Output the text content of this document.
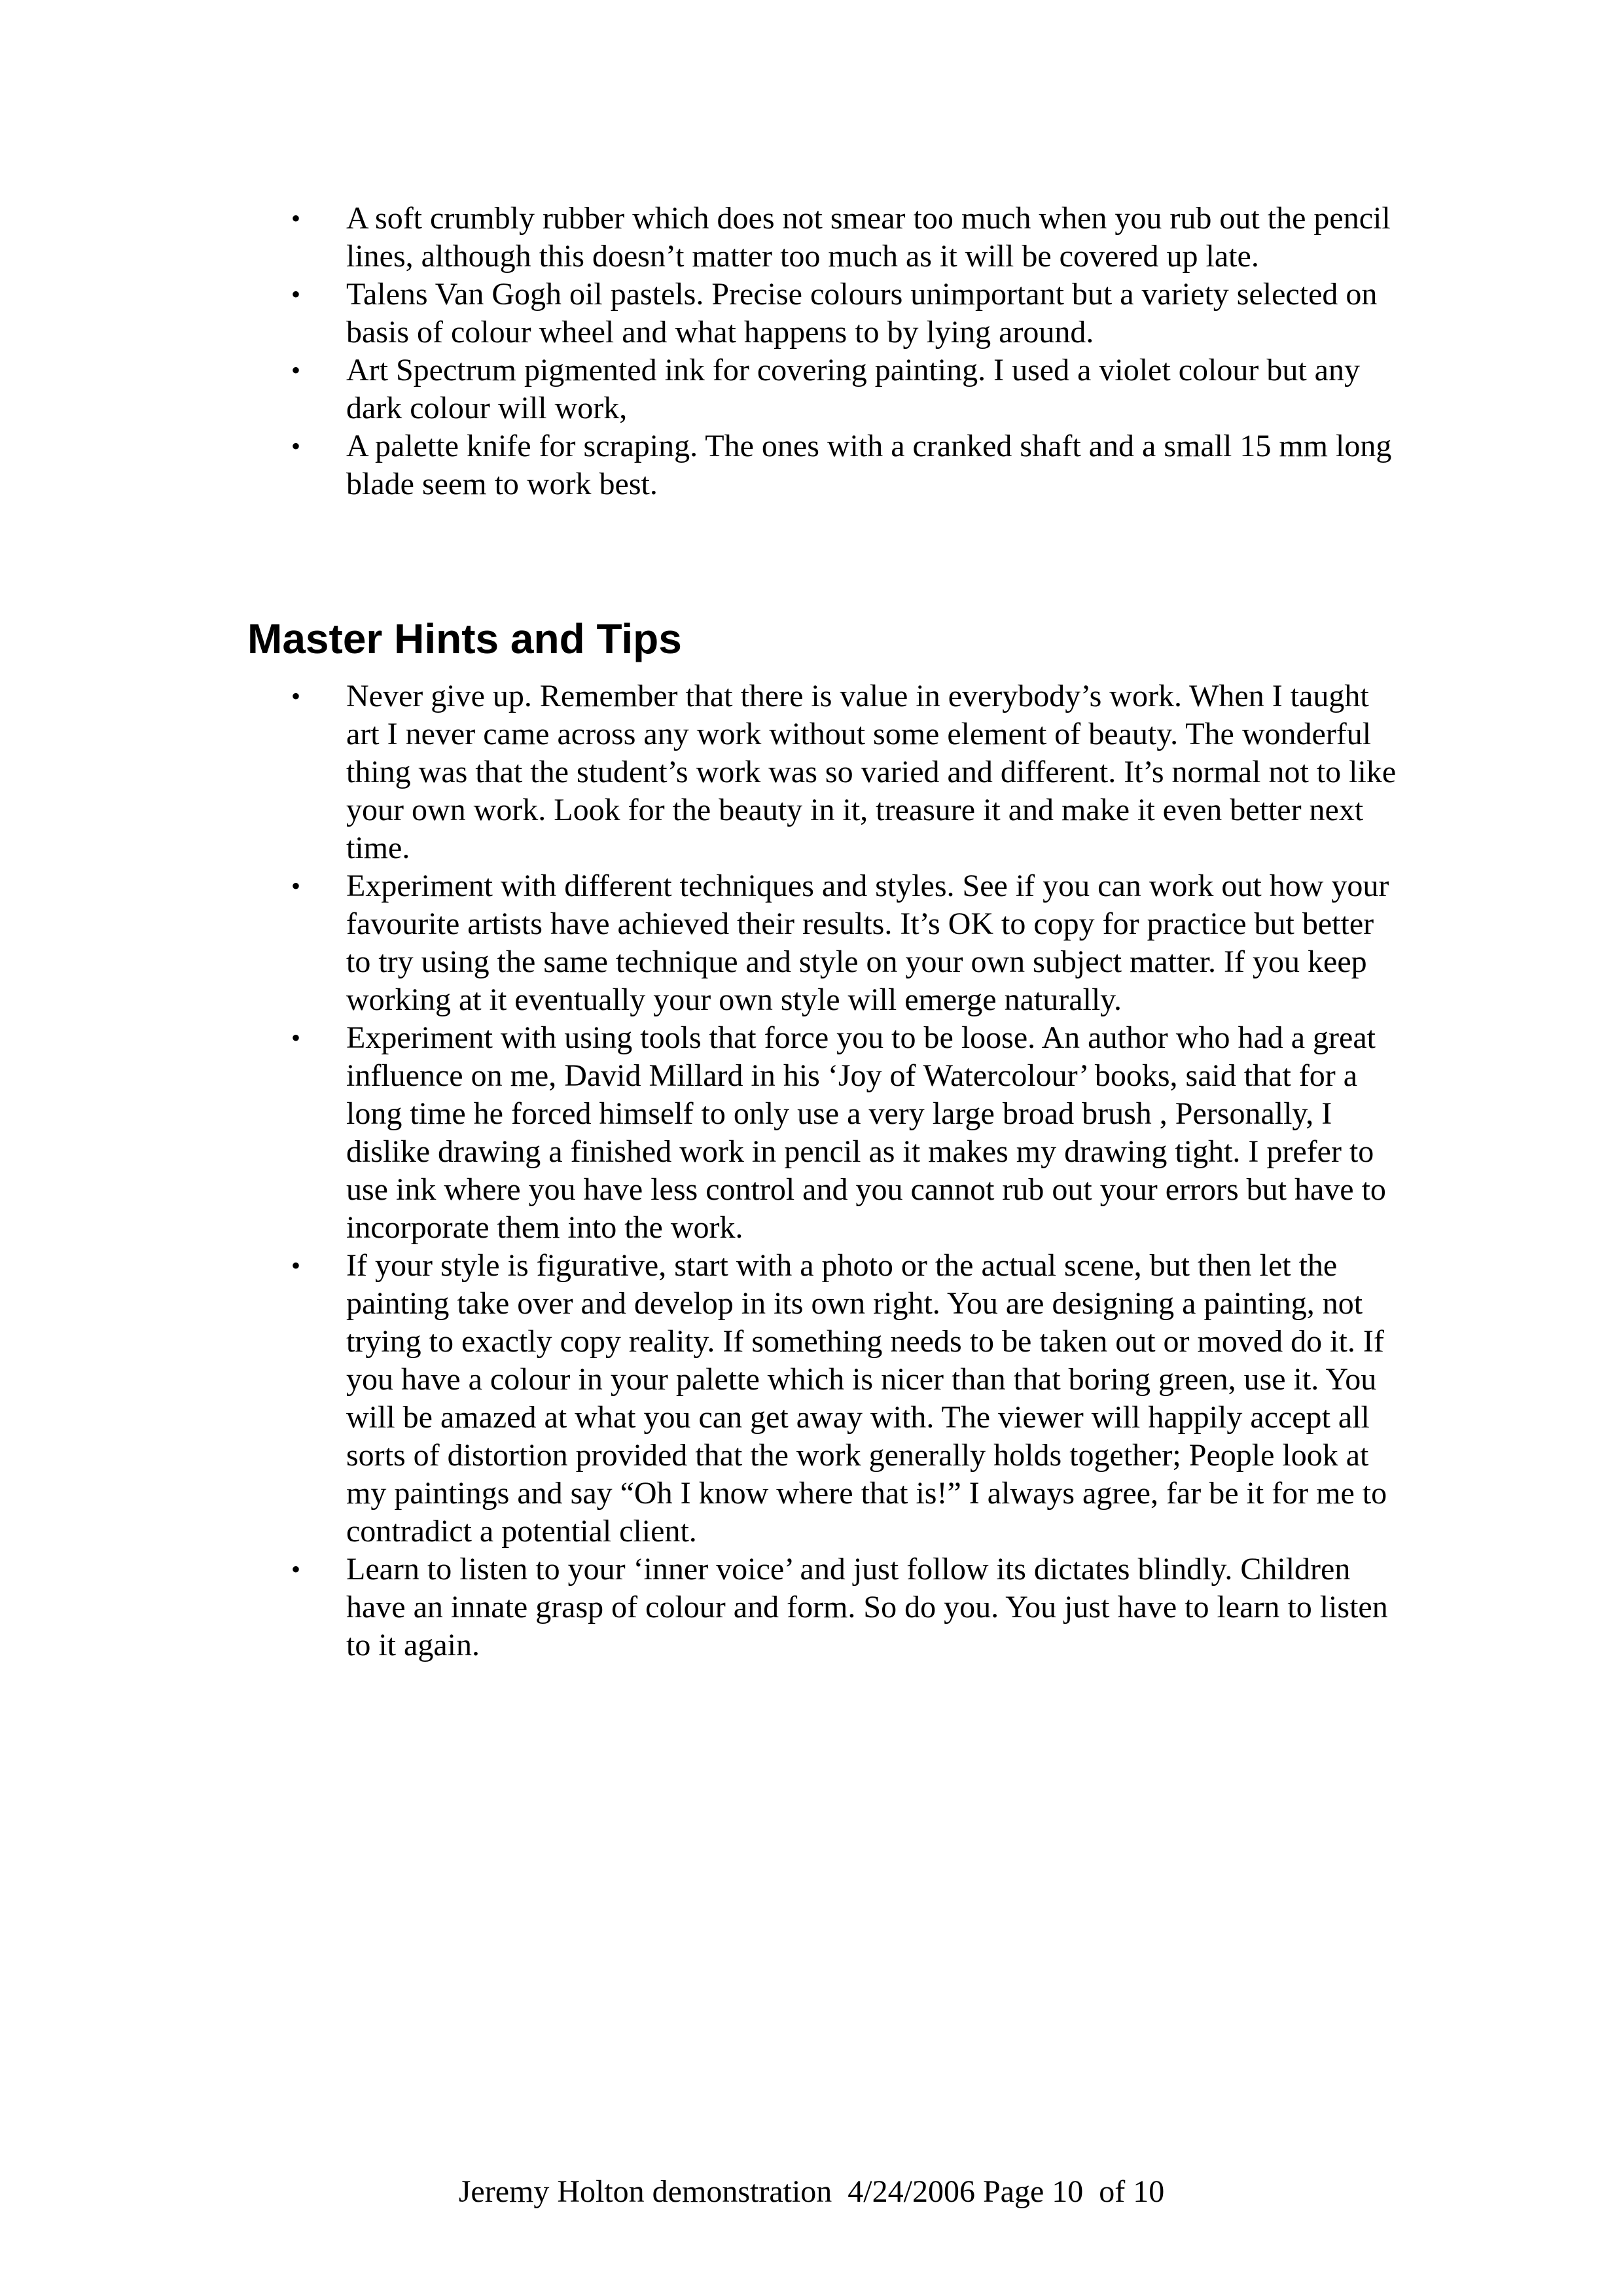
•	A soft crumbly rubber which does not smear too much when you rub out the pencil lines, although this doesn’t matter too much as it will be covered up late.
•	Talens Van Gogh oil pastels. Precise colours unimportant but a variety selected on basis of colour wheel and what happens to by lying around.
•	Art Spectrum pigmented ink for covering painting. I used a violet colour but any dark colour will work,
•	A palette knife for scraping. The ones with a cranked shaft and a small 15 mm long blade seem to work best.
Master Hints and Tips
•	Never give up. Remember that there is value in everybody’s work. When I taught art I never came across any work without some element of beauty. The wonderful thing was that the student’s work was so varied and different. It’s normal not to like your own work. Look for the beauty in it, treasure it and make it even better next time.
•	Experiment with different techniques and styles. See if you can work out how your favourite artists have achieved their results. It’s OK to copy for practice but better to try using the same technique and style on your own subject matter. If you keep working at it eventually your own style will emerge naturally.
•	Experiment with using tools that force you to be loose. An author who had a great influence on me, David Millard in his ‘Joy of Watercolour’ books, said that for a long time he forced himself to only use a very large broad brush , Personally, I dislike drawing a finished work in pencil as it makes my drawing tight. I prefer to use ink where you have less control and you cannot rub out your errors but have to incorporate them into the work.
•	If your style is figurative, start with a photo or the actual scene, but then let the painting take over and develop in its own right. You are designing a painting, not trying to exactly copy reality. If something needs to be taken out or moved do it. If you have a colour in your palette which is nicer than that boring green, use it. You will be amazed at what you can get away with. The viewer will happily accept all sorts of distortion provided that the work generally holds together; People look at my paintings and say “Oh I know where that is!” I always agree, far be it for me to contradict a potential client.
•	Learn to listen to your ‘inner voice’ and just follow its dictates blindly. Children have an innate grasp of colour and form. So do you. You just have to learn to listen to it again.
Jeremy Holton demonstration  4/24/2006 Page 10  of 10
